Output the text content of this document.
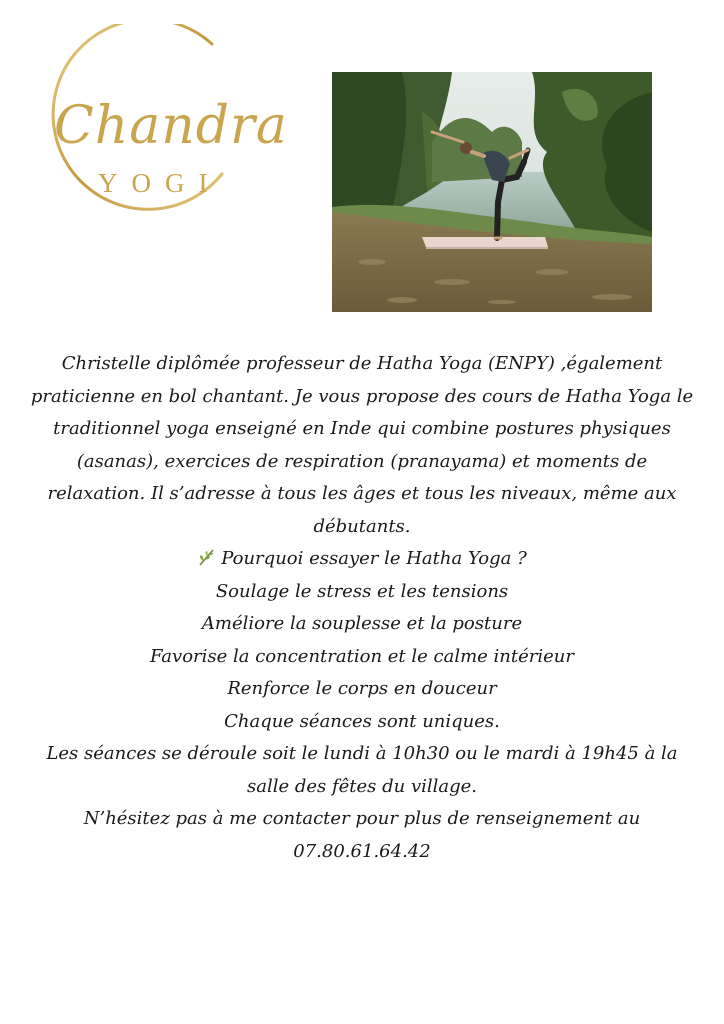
Chandra
YOGI

Christelle diplômée professeur de Hatha Yoga (ENPY) ,également praticienne en bol chantant. Je vous propose des cours de Hatha Yoga le traditionnel yoga enseigné en Inde qui combine postures physiques (asanas), exercices de respiration (pranayama) et moments de relaxation. Il s’adresse à tous les âges et tous les niveaux, même aux débutants.

Pourquoi essayer le Hatha Yoga ?

Soulage le stress et les tensions

Améliore la souplesse et la posture

Favorise la concentration et le calme intérieur

Renforce le corps en douceur

Chaque séances sont uniques.

Les séances se déroule soit le lundi à 10h30 ou le mardi à 19h45 à la salle des fêtes du village.

N’hésitez pas à me contacter pour plus de renseignement au

07.80.61.64.42
